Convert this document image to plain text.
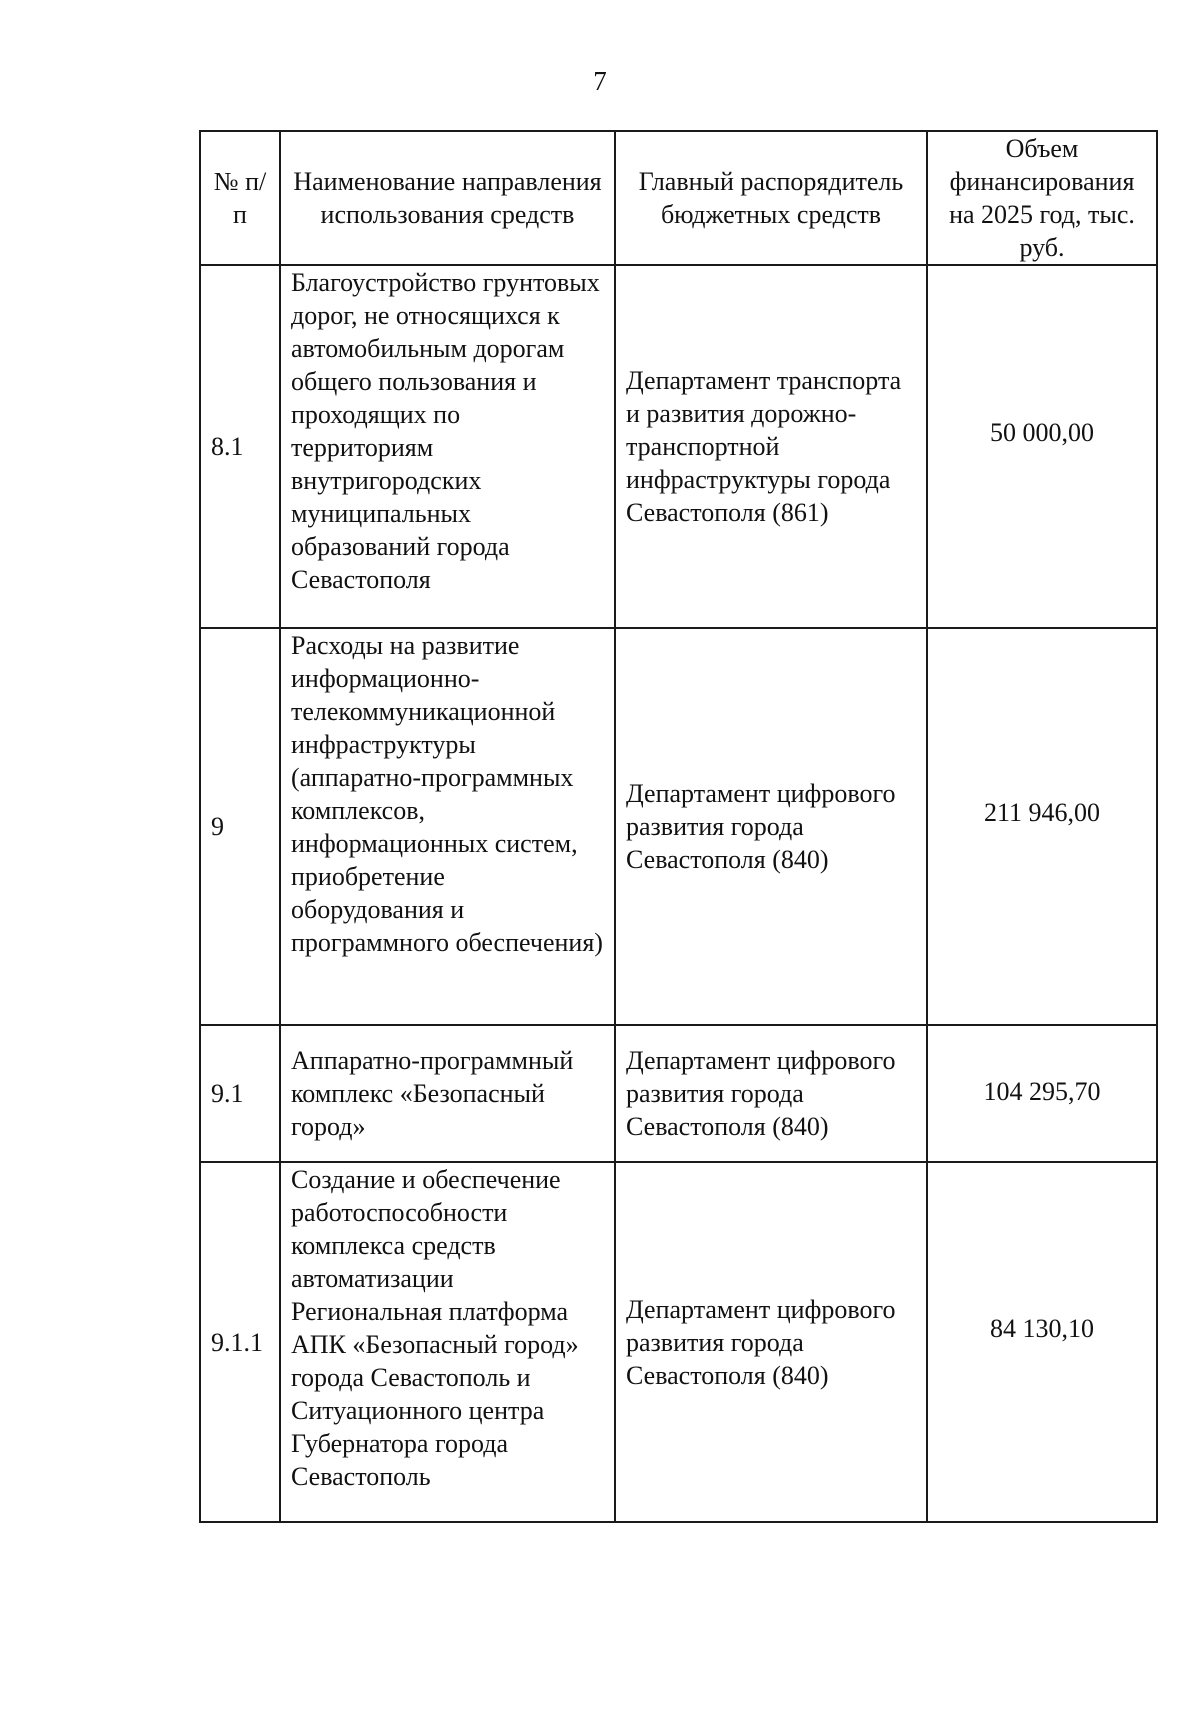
7
№ п/п	Наименование направления использования средств	Главный распорядитель бюджетных средств	Объем финансирования на 2025 год, тыс. руб.
8.1	Благоустройство грунтовых дорог, не относящихся к автомобильным дорогам общего пользования и проходящих по территориям внутригородских муниципальных образований города Севастополя	Департамент транспорта и развития дорожно-транспортной инфраструктуры города Севастополя (861)	50 000,00
9	Расходы на развитие информационно-телекоммуникационной инфраструктуры (аппаратно-программных комплексов, информационных систем, приобретение оборудования и программного обеспечения)	Департамент цифрового развития города Севастополя (840)	211 946,00
9.1	Аппаратно-программный комплекс «Безопасный город»	Департамент цифрового развития города Севастополя (840)	104 295,70
9.1.1	Создание и обеспечение работоспособности комплекса средств автоматизации Региональная платформа АПК «Безопасный город» города Севастополь и Ситуационного центра Губернатора города Севастополь	Департамент цифрового развития города Севастополя (840)	84 130,10
